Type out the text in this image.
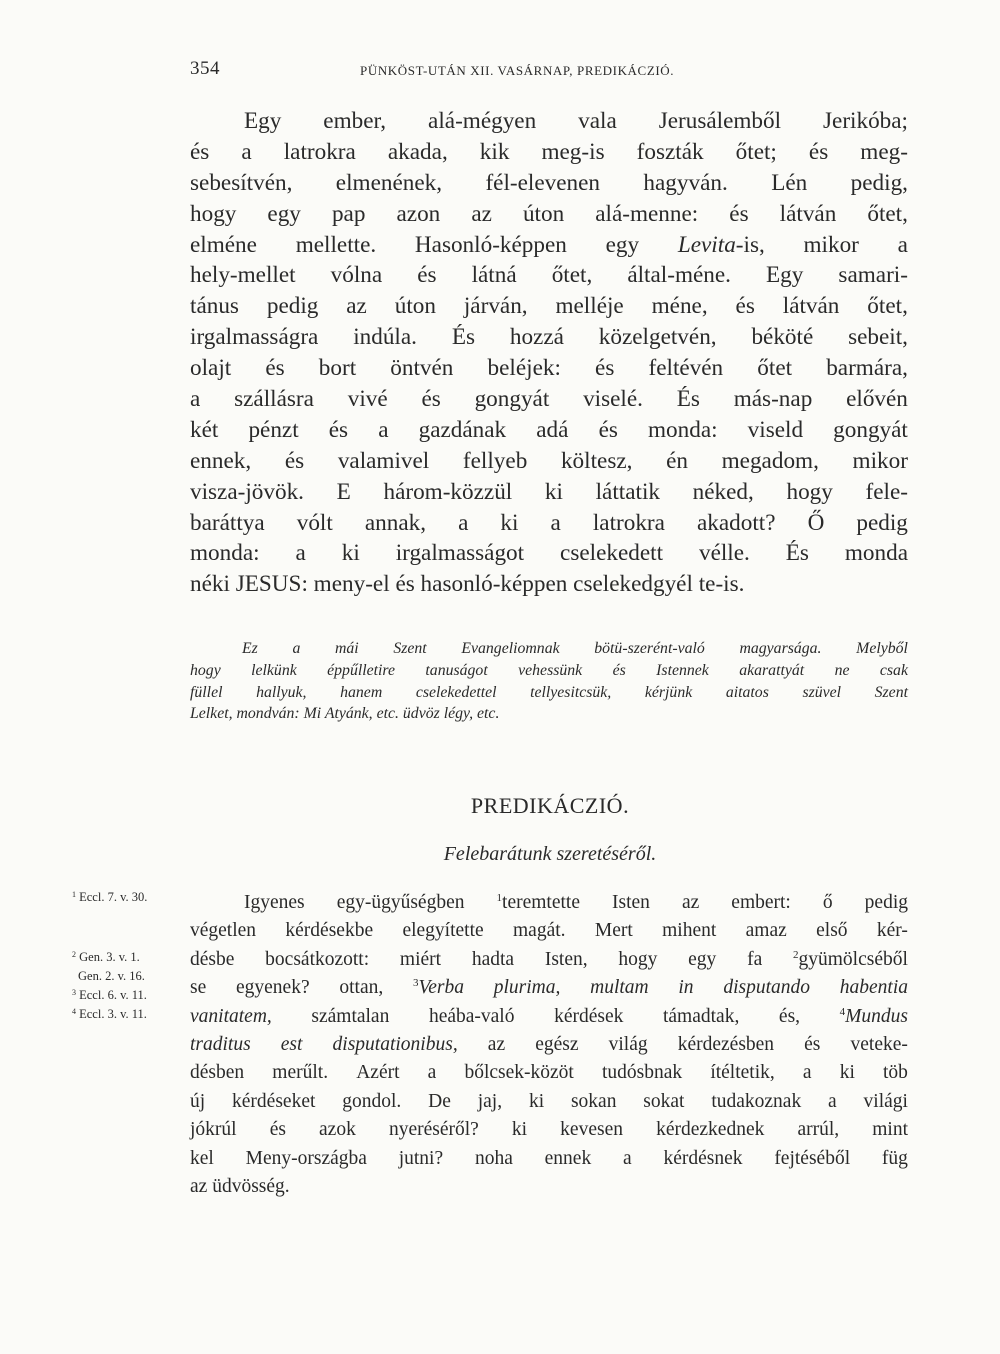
354	PÜNKÖST-UTÁN XII. VASÁRNAP, PREDIKÁCZIÓ.
Egy ember, alá-mégyen vala Jerusálemből Jerikóba;
és a latrokra akada, kik meg-is foszták őtet; és meg-
sebesítvén, elmenének, fél-elevenen hagyván. Lén pedig,
hogy egy pap azon az úton alá-menne: és látván őtet,
elméne mellette. Hasonló-képpen egy Levita-is, mikor a
hely-mellet vólna és látná őtet, által-méne. Egy samari-
tánus pedig az úton járván, melléje méne, és látván őtet,
irgalmasságra indúla. És hozzá közelgetvén, béköté sebeit,
olajt és bort öntvén beléjek: és feltévén őtet barmára,
a szállásra vivé és gongyát viselé. És más-nap elővén
két pénzt és a gazdának adá és monda: viseld gongyát
ennek, és valamivel fellyeb költesz, én megadom, mikor
visza-jövök. E három-közzül ki láttatik néked, hogy fele-
baráttya vólt annak, a ki a latrokra akadott? Ő pedig
monda: a ki irgalmasságot cselekedett vélle. És monda
néki JESUS: meny-el és hasonló-képpen cselekedgyél te-is.
Ez a mái Szent Evangeliomnak bötü-szerént-való magyarsága. Melyből
hogy lelkünk éppűlletire tanuságot vehessünk és Istennek akarattyát ne csak
füllel hallyuk, hanem cselekedettel tellyesitcsük, kérjünk aitatos szüvel Szent
Lelket, mondván: Mi Atyánk, etc. üdvöz légy, etc.
PREDIKÁCZIÓ.
Felebarátunk szeretéséről.
Igyenes egy-ügyűségben	$^1$teremtette Isten az embert: ő pedig
végetlen kérdésekbe elegyítette magát. Mert mihent amaz első kér-
désbe bocsátkozott: miért hadta Isten, hogy egy fa	$^2$gyümölcséből
se egyenek? ottan,	$^3$Verba plurima, multam in disputando habentia
vanitatem, számtalan heába-való kérdések támadtak, és,	$^4$Mundus
traditus est disputationibus, az egész világ kérdezésben és veteke-
désben merűlt. Azért a bőlcsek-közöt tudósbnak ítéltetik, a ki töb
új kérdéseket gondol. De jaj, ki sokan sokat tudakoznak a világi
jókrúl és azok nyeréséről? ki kevesen kérdezkednek arrúl, mint
kel Meny-országba jutni? noha ennek a kérdésnek fejtéséből füg
az üdvösség.
$^1$ Eccl. 7. v. 30.
$^2$ Gen. 3. v. 1.
Gen. 2. v. 16.
$^3$ Eccl. 6. v. 11.
$^4$ Eccl. 3. v. 11.
